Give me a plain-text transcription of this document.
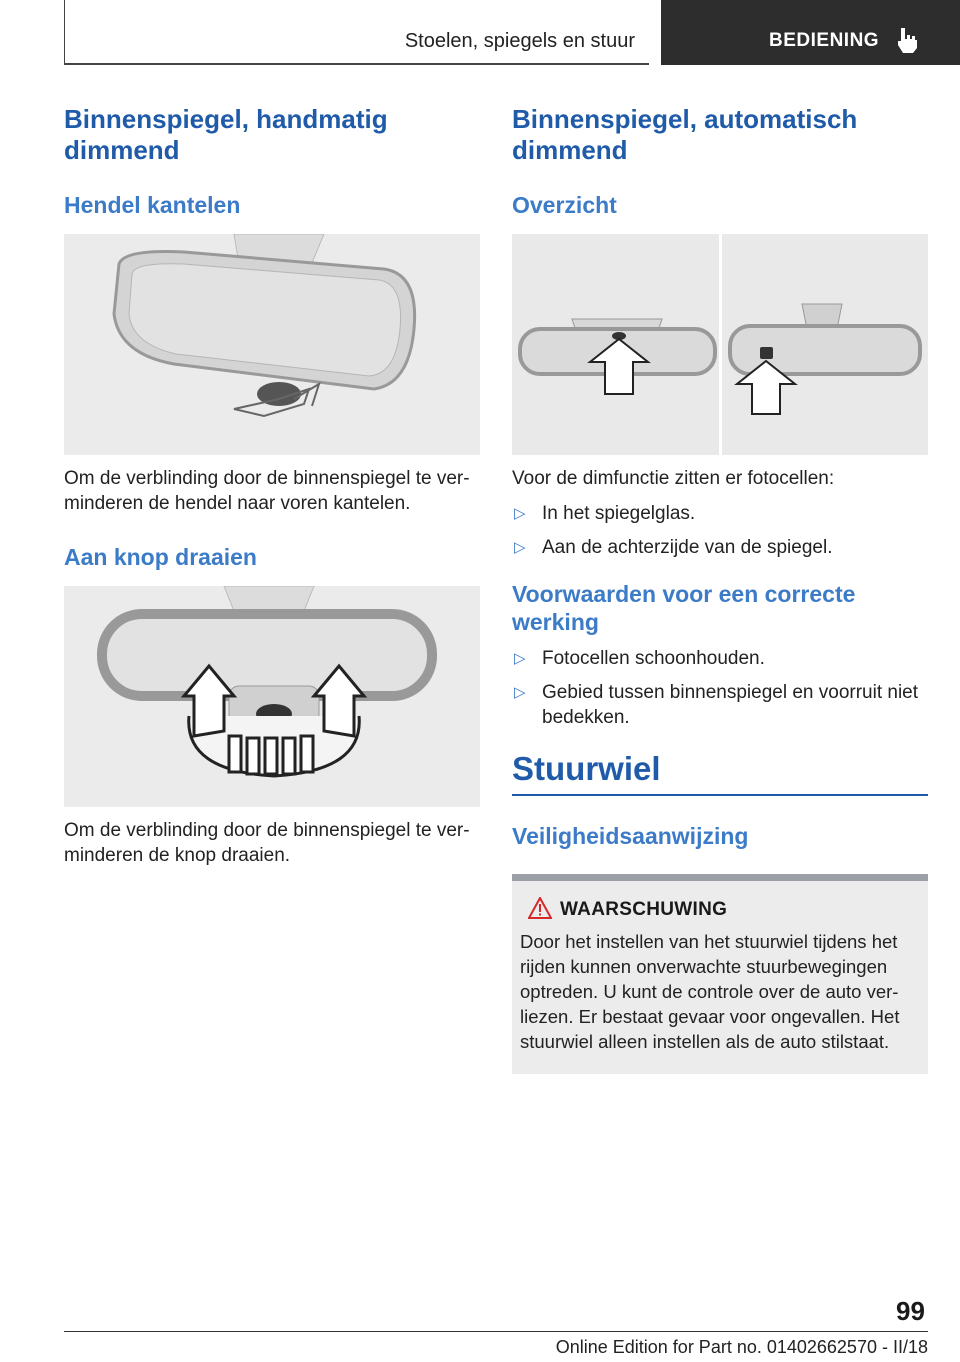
Stoelen, spiegels en stuur	BEDIENING
Binnenspiegel, handmatig dimmend
Hendel kantelen

Om de verblinding door de binnenspiegel te verminderen de hendel naar voren kantelen.

Aan knop draaien

Om de verblinding door de binnenspiegel te verminderen de knop draaien.

Binnenspiegel, automatisch dimmend
Overzicht

Voor de dimfunctie zitten er fotocellen:

▷ In het spiegelglas.
▷ Aan de achterzijde van de spiegel.
Voorwaarden voor een correcte werking
▷ Fotocellen schoonhouden.
▷ Gebied tussen binnenspiegel en voorruit niet bedekken.
Stuurwiel
Veiligheidsaanwijzing
WAARSCHUWING

Door het instellen van het stuurwiel tijdens het rijden kunnen onverwachte stuurbewegingen optreden. U kunt de controle over de auto verliezen. Er bestaat gevaar voor ongevallen. Het stuurwiel alleen instellen als de auto stilstaat.

99
Online Edition for Part no. 01402662570 - II/18
